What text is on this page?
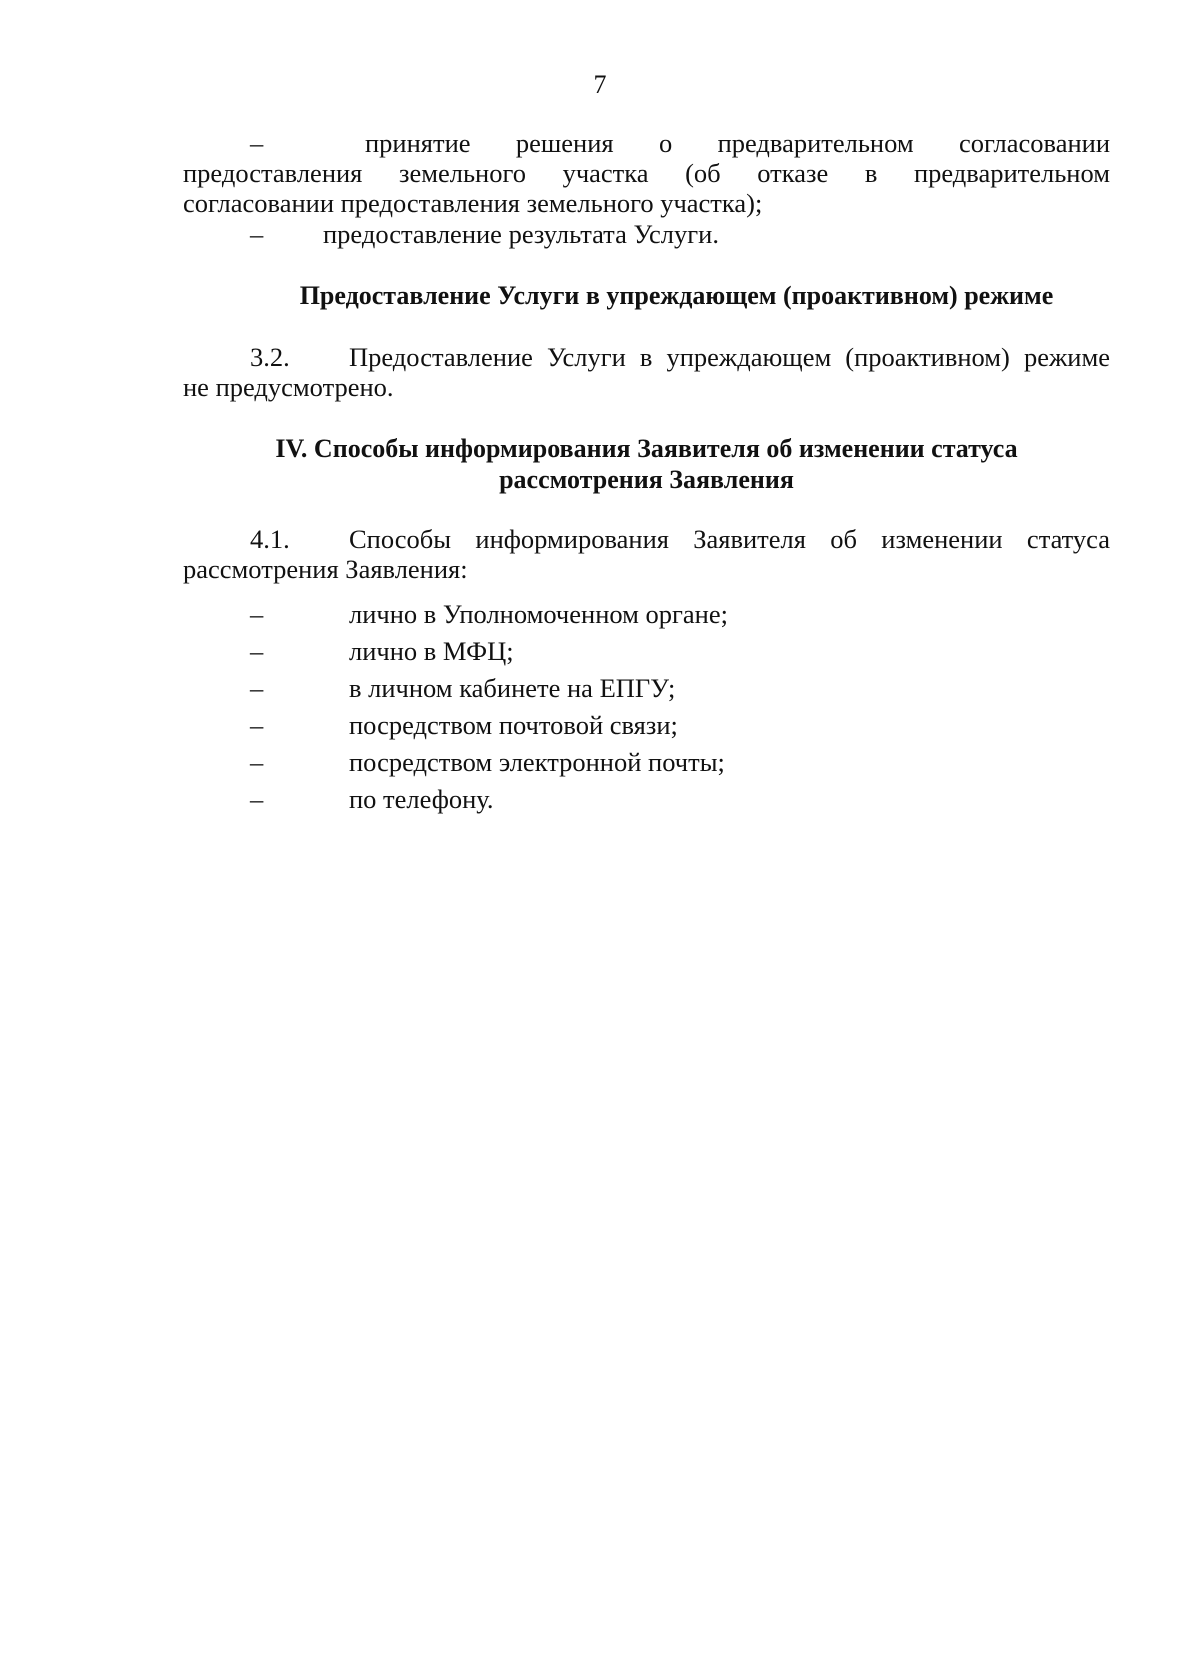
7
–	принятие решения о предварительном согласовании
предоставления земельного участка (об отказе в предварительном
согласовании предоставления земельного участка);
– предоставление результата Услуги.
Предоставление Услуги в упреждающем (проактивном) режиме
3.2. Предоставление Услуги в упреждающем (проактивном) режиме
не предусмотрено.
IV. Способы информирования Заявителя об изменении статуса
рассмотрения Заявления
4.1. Способы информирования Заявителя об изменении статуса
рассмотрения Заявления:
–	лично в Уполномоченном органе;
–	лично в МФЦ;
–	в личном кабинете на ЕПГУ;
–	посредством почтовой связи;
–	посредством электронной почты;
–	по телефону.
